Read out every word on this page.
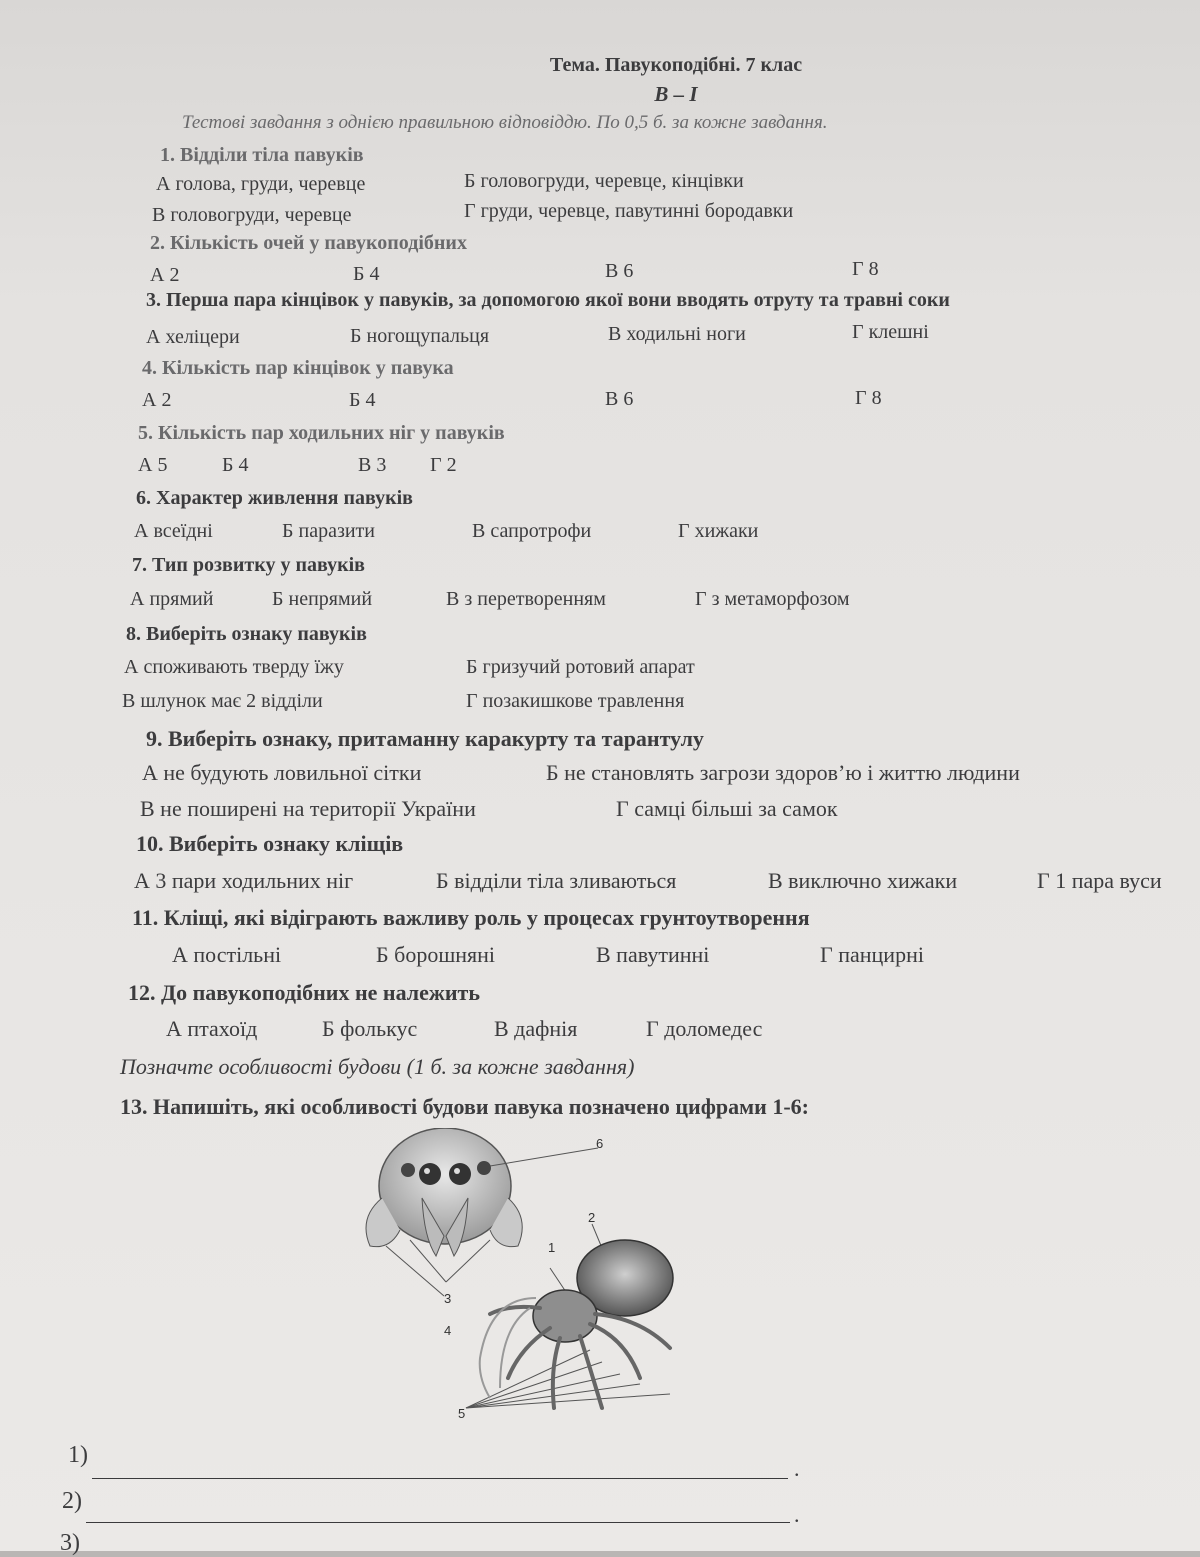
Тема. Павукоподібні. 7 клас
В – І
Тестові завдання з однією правильною відповіддю. По 0,5 б. за кожне завдання.
1. Відділи тіла павуків
А голова, груди, черевце	Б головогруди, черевце, кінцівки
В головогруди, черевце	Г груди, черевце, павутинні бородавки
2. Кількість очей у павукоподібних
А 2	Б 4	В 6	Г 8
3. Перша пара кінцівок у павуків, за допомогою якої вони вводять отруту та травні соки
А хеліцери	Б ногощупальця	В ходильні ноги	Г клешні
4. Кількість пар кінцівок у павука
А 2	Б 4	В 6	Г 8
5. Кількість пар ходильних ніг у павуків
А 5	Б 4	В 3 Г 2
6. Характер живлення павуків
А всеїдні	Б паразити	В сапротрофи	Г хижаки
7. Тип розвитку у павуків
А прямий	Б непрямий	В з перетворенням	Г з метаморфозом
8. Виберіть ознаку павуків
А споживають тверду їжу	Б гризучий ротовий апарат
В шлунок має 2 відділи	Г позакишкове травлення
9. Виберіть ознаку, притаманну каракурту та тарантулу
А не будують ловильної сітки	Б не становлять загрози здоров’ю і життю людини
В не поширені на території України	Г самці більші за самок
10. Виберіть ознаку кліщів
А 3 пари ходильних ніг	Б відділи тіла зливаються	В виключно хижаки	Г 1 пара вуси
11. Кліщі, які відіграють важливу роль у процесах грунтоутворення
А постільні	Б борошняні	В павутинні	Г панцирні
12. До павукоподібних не належить
А птахоїд	Б фолькус	В дафнія	Г доломедес
Позначте особливості будови (1 б. за кожне завдання)
13. Напишіть, які особливості будови павука позначено цифрами 1-6:
6
2
1
3
4
5
1)
.
2)
.
3)
